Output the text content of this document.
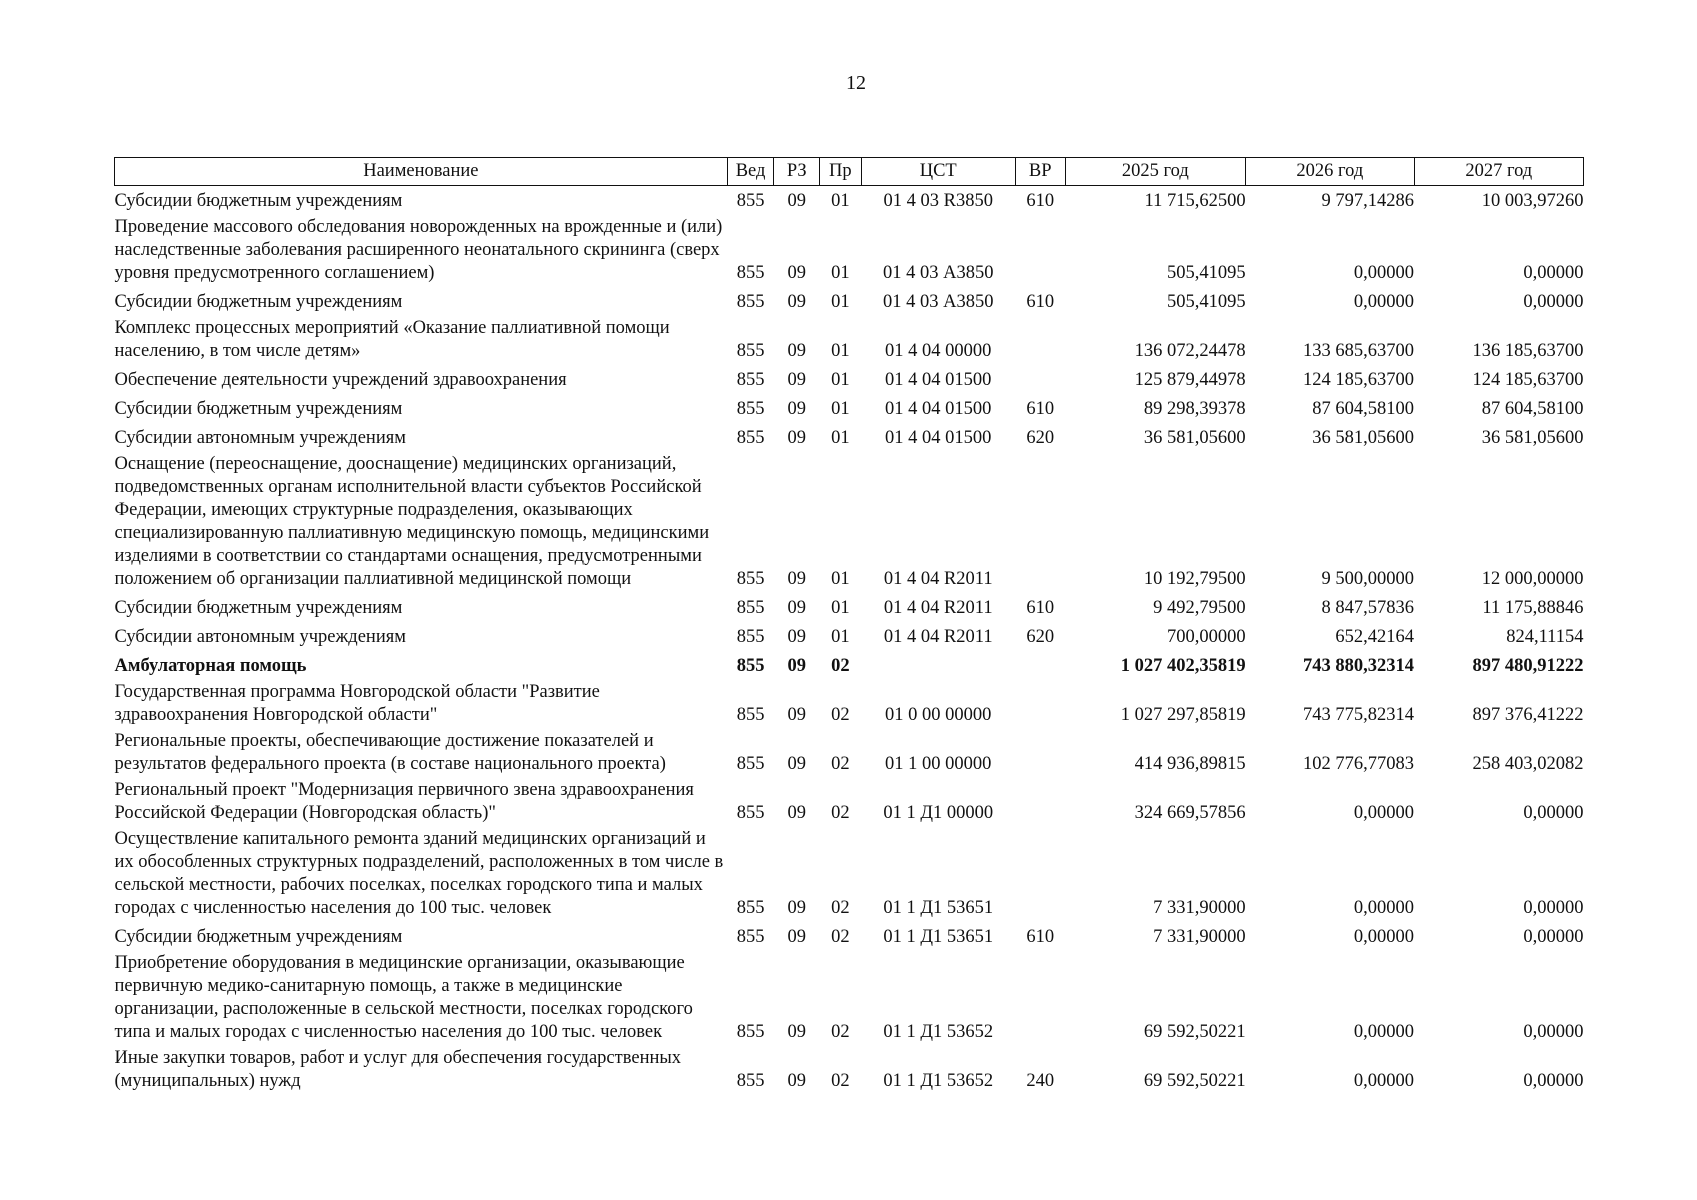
12
Наименование	Вед	РЗ	Пр	ЦСТ	ВР	2025 год	2026 год	2027 год
Субсидии бюджетным учреждениям	855	09	01	01 4 03 R3850	610	11 715,62500	9 797,14286	10 003,97260
Проведение массового обследования новорожденных на врожденные и (или) наследственные заболевания расширенного неонатального скрининга (сверх уровня предусмотренного соглашением)	855	09	01	01 4 03 А3850		505,41095	0,00000	0,00000
Субсидии бюджетным учреждениям	855	09	01	01 4 03 А3850	610	505,41095	0,00000	0,00000
Комплекс процессных мероприятий «Оказание паллиативной помощи населению, в том числе детям»	855	09	01	01 4 04 00000		136 072,24478	133 685,63700	136 185,63700
Обеспечение деятельности учреждений здравоохранения	855	09	01	01 4 04 01500		125 879,44978	124 185,63700	124 185,63700
Субсидии бюджетным учреждениям	855	09	01	01 4 04 01500	610	89 298,39378	87 604,58100	87 604,58100
Субсидии автономным учреждениям	855	09	01	01 4 04 01500	620	36 581,05600	36 581,05600	36 581,05600
Оснащение (переоснащение, дооснащение) медицинских организаций, подведомственных органам исполнительной власти субъектов Российской Федерации, имеющих структурные подразделения, оказывающих специализированную паллиативную медицинскую помощь, медицинскими изделиями в соответствии со стандартами оснащения, предусмотренными положением об организации паллиативной медицинской помощи	855	09	01	01 4 04 R2011		10 192,79500	9 500,00000	12 000,00000
Субсидии бюджетным учреждениям	855	09	01	01 4 04 R2011	610	9 492,79500	8 847,57836	11 175,88846
Субсидии автономным учреждениям	855	09	01	01 4 04 R2011	620	700,00000	652,42164	824,11154
Амбулаторная помощь	855	09	02			1 027 402,35819	743 880,32314	897 480,91222
Государственная программа Новгородской области "Развитие здравоохранения Новгородской области"	855	09	02	01 0 00 00000		1 027 297,85819	743 775,82314	897 376,41222
Региональные проекты, обеспечивающие достижение показателей и результатов федерального проекта (в составе национального проекта)	855	09	02	01 1 00 00000		414 936,89815	102 776,77083	258 403,02082
Региональный проект "Модернизация первичного звена здравоохранения Российской Федерации (Новгородская область)"	855	09	02	01 1 Д1 00000		324 669,57856	0,00000	0,00000
Осуществление капитального ремонта зданий медицинских организаций и их обособленных структурных подразделений, расположенных в том числе в сельской местности, рабочих поселках, поселках городского типа и малых городах с численностью населения до 100 тыс. человек	855	09	02	01 1 Д1 53651		7 331,90000	0,00000	0,00000
Субсидии бюджетным учреждениям	855	09	02	01 1 Д1 53651	610	7 331,90000	0,00000	0,00000
Приобретение оборудования в медицинские организации, оказывающие первичную медико-санитарную помощь, а также в медицинские организации, расположенные в сельской местности, поселках городского типа и малых городах с численностью населения до 100 тыс. человек	855	09	02	01 1 Д1 53652		69 592,50221	0,00000	0,00000
Иные закупки товаров, работ и услуг для обеспечения государственных (муниципальных) нужд	855	09	02	01 1 Д1 53652	240	69 592,50221	0,00000	0,00000
